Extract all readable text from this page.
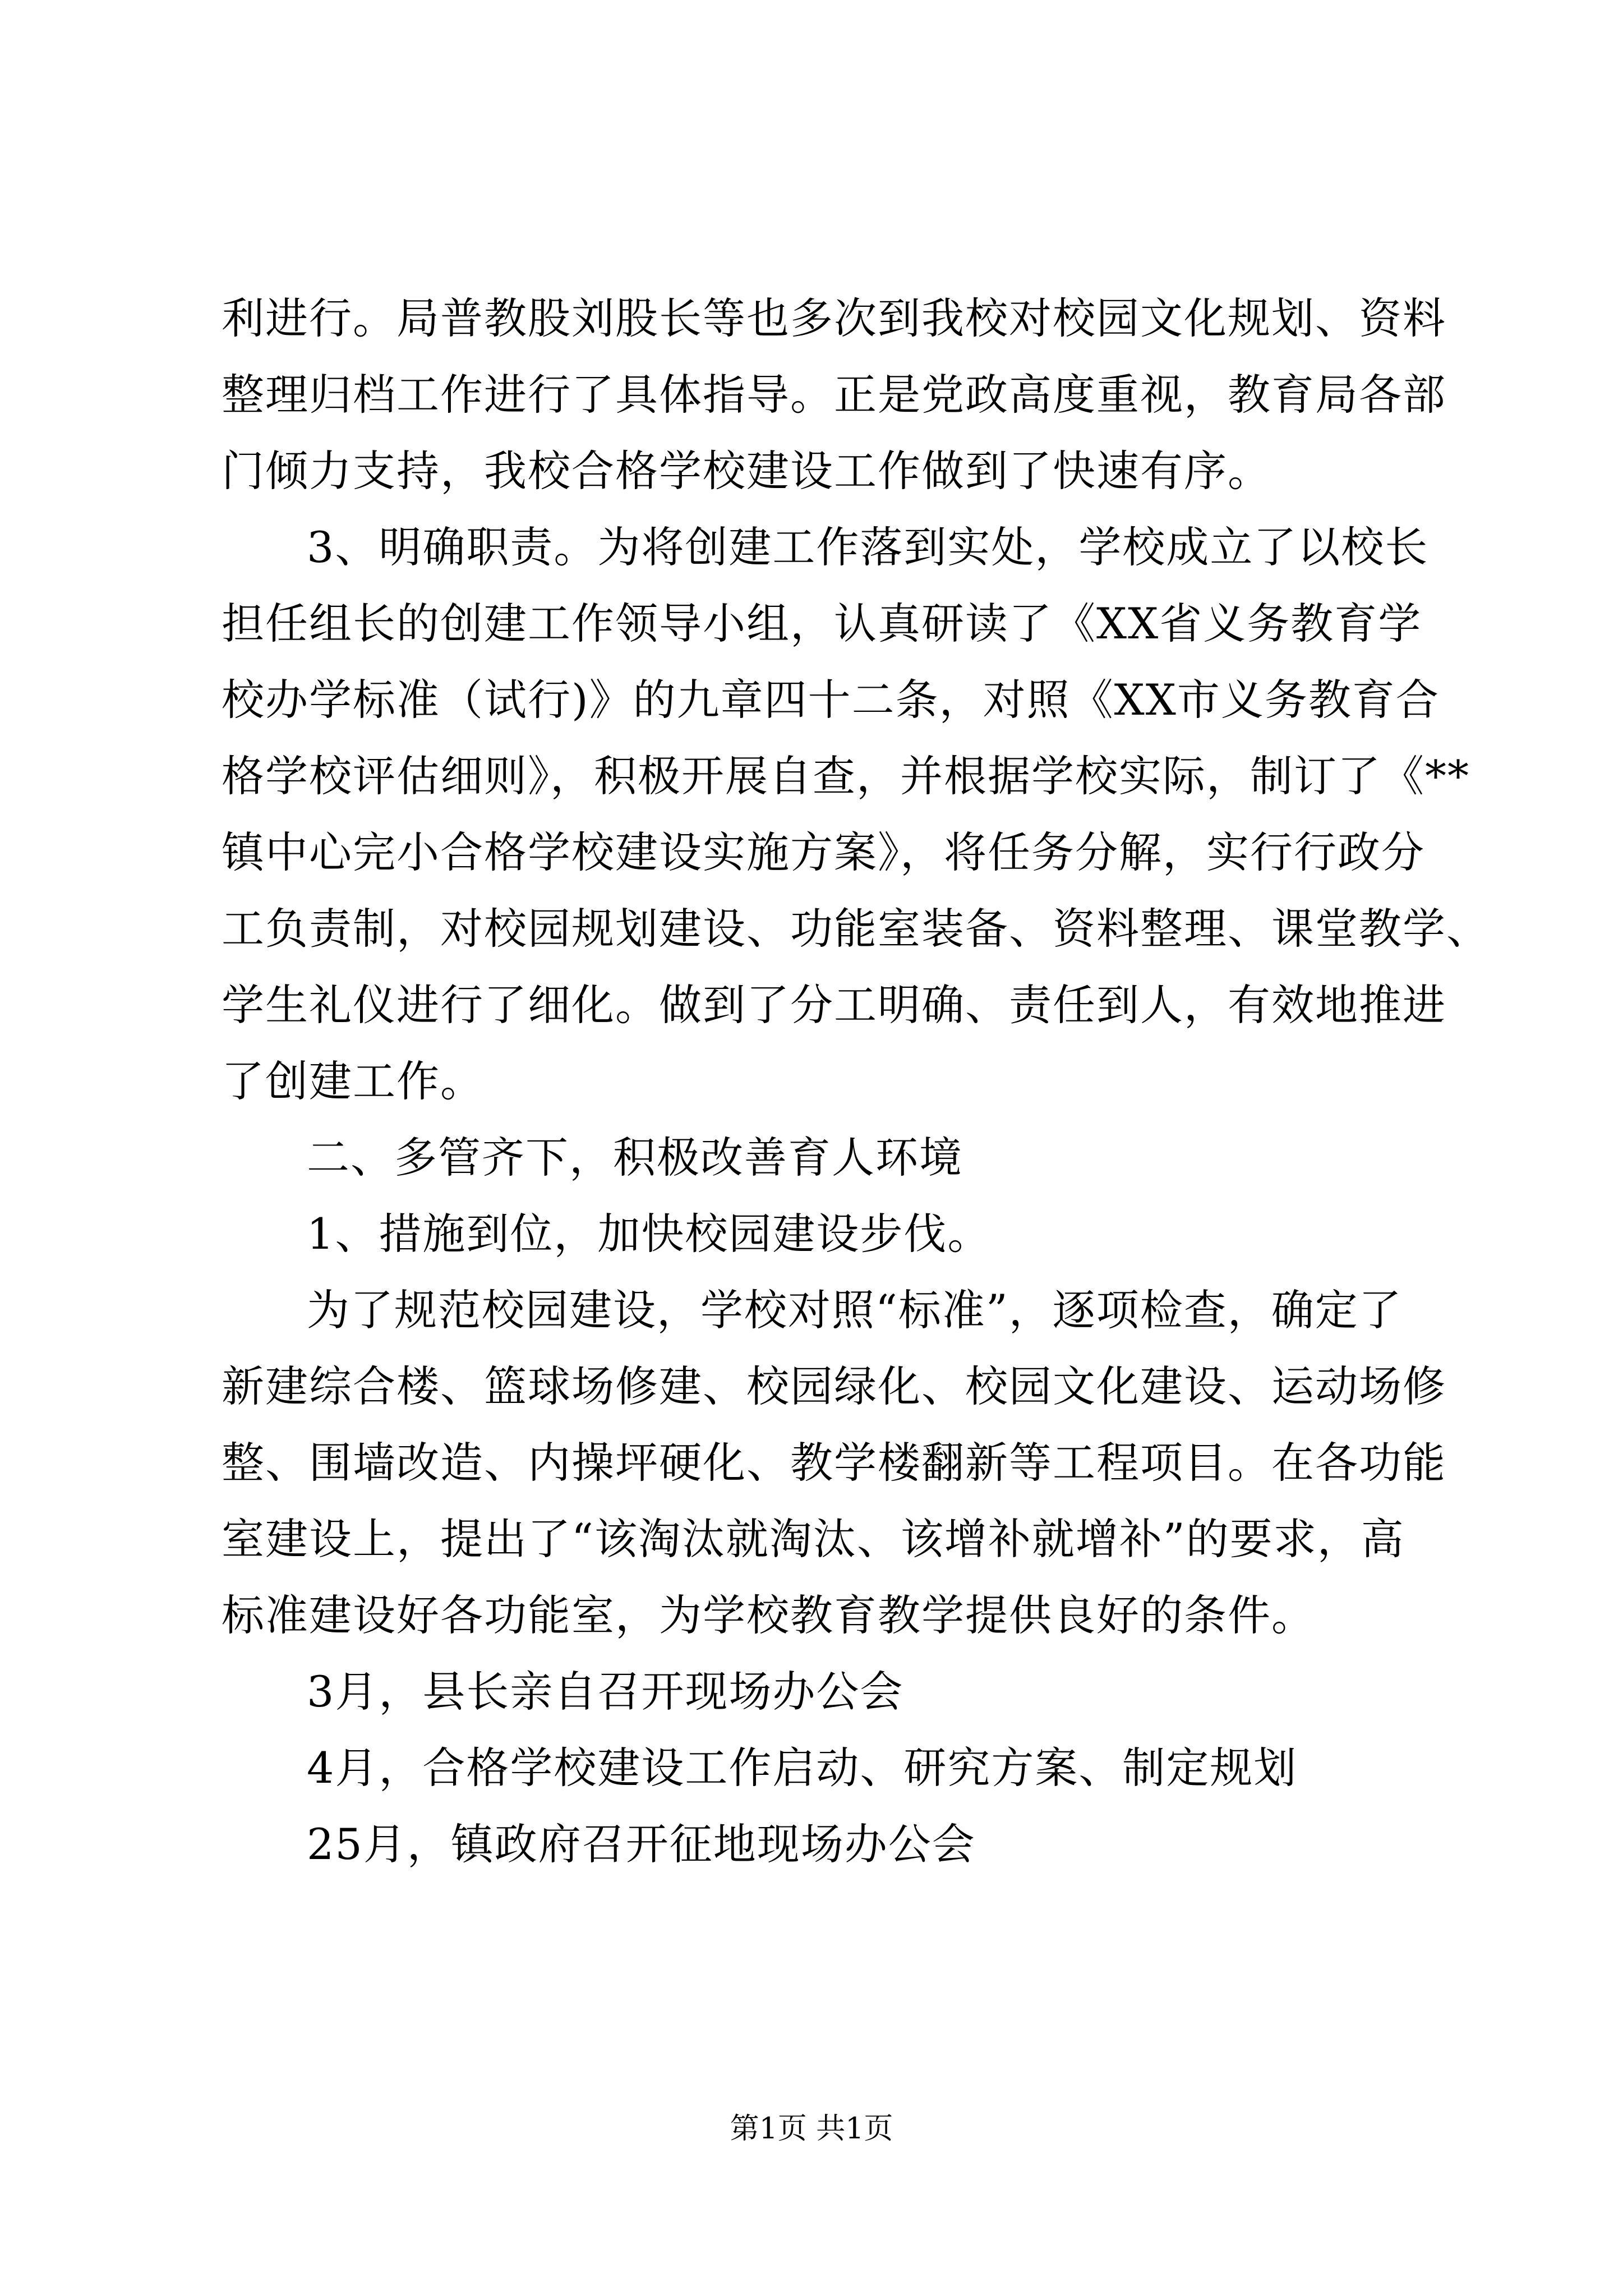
利进行。局普教股刘股长等也多次到我校对校园文化规划、资料
整理归档工作进行了具体指导。正是党政高度重视，教育局各部
门倾力支持，我校合格学校建设工作做到了快速有序。
3、明确职责。为将创建工作落到实处，学校成立了以校长
担任组长的创建工作领导小组，认真研读了《XX省义务教育学
校办学标准（试行)》的九章四十二条，对照《XX市义务教育合
格学校评估细则》，积极开展自查，并根据学校实际，制订了《**
镇中心完小合格学校建设实施方案》，将任务分解，实行行政分
工负责制，对校园规划建设、功能室装备、资料整理、课堂教学、
学生礼仪进行了细化。做到了分工明确、责任到人，有效地推进
了创建工作。
二、多管齐下，积极改善育人环境
1、措施到位，加快校园建设步伐。
为了规范校园建设，学校对照“标准”，逐项检查，确定了
新建综合楼、篮球场修建、校园绿化、校园文化建设、运动场修
整、围墙改造、内操坪硬化、教学楼翻新等工程项目。在各功能
室建设上，提出了“该淘汰就淘汰、该增补就增补”的要求，高
标准建设好各功能室，为学校教育教学提供良好的条件。
3月，县长亲自召开现场办公会
4月，合格学校建设工作启动、研究方案、制定规划
25月，镇政府召开征地现场办公会
第1页 共1页
